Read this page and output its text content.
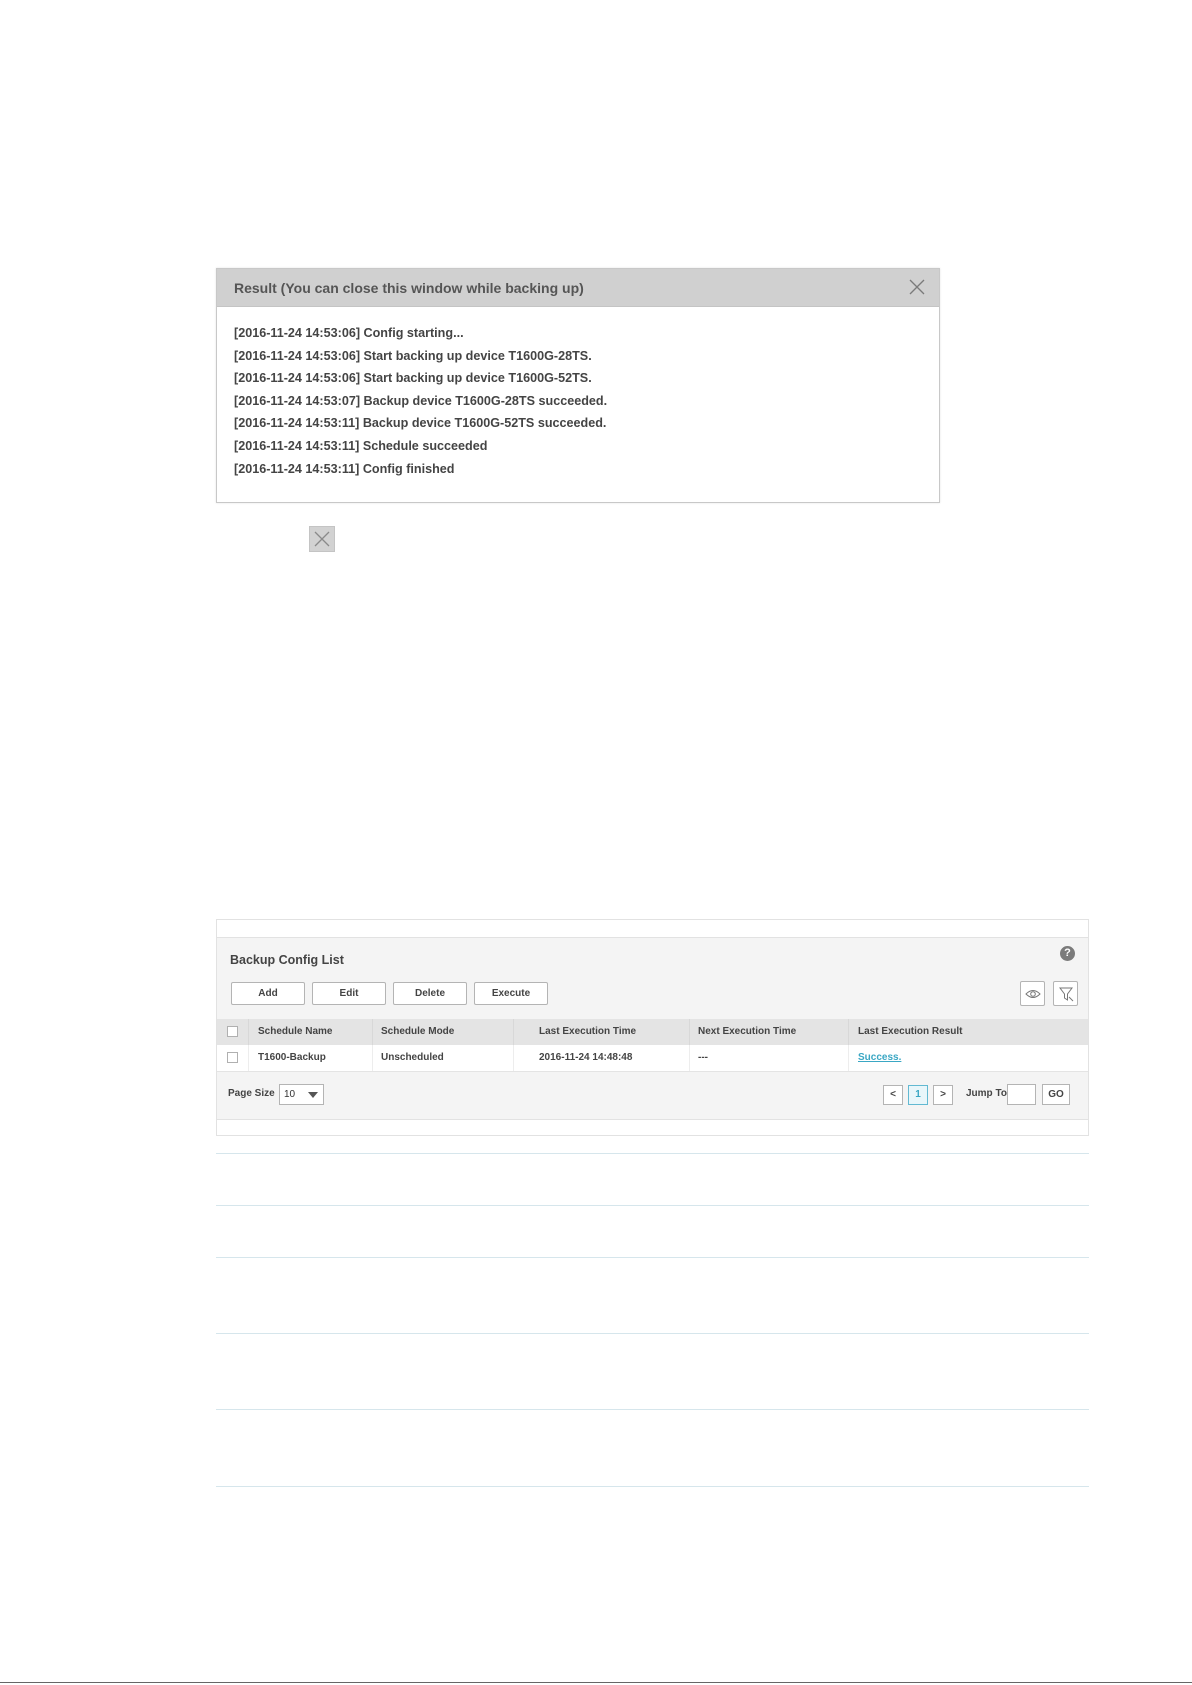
Result (You can close this window while backing up)
[2016-11-24 14:53:06] Config starting...
[2016-11-24 14:53:06] Start backing up device T1600G-28TS.
[2016-11-24 14:53:06] Start backing up device T1600G-52TS.
[2016-11-24 14:53:07] Backup device T1600G-28TS succeeded.
[2016-11-24 14:53:11] Backup device T1600G-52TS succeeded.
[2016-11-24 14:53:11] Schedule succeeded
[2016-11-24 14:53:11] Config finished
Backup Config List	?
Add	Edit	Delete	Execute
Schedule Name	Schedule Mode	Last Execution Time	Next Execution Time	Last Execution Result
T1600-Backup	Unscheduled	2016-11-24 14:48:48	---	Success.
Page Size 10	<	1	>	Jump To	GO
